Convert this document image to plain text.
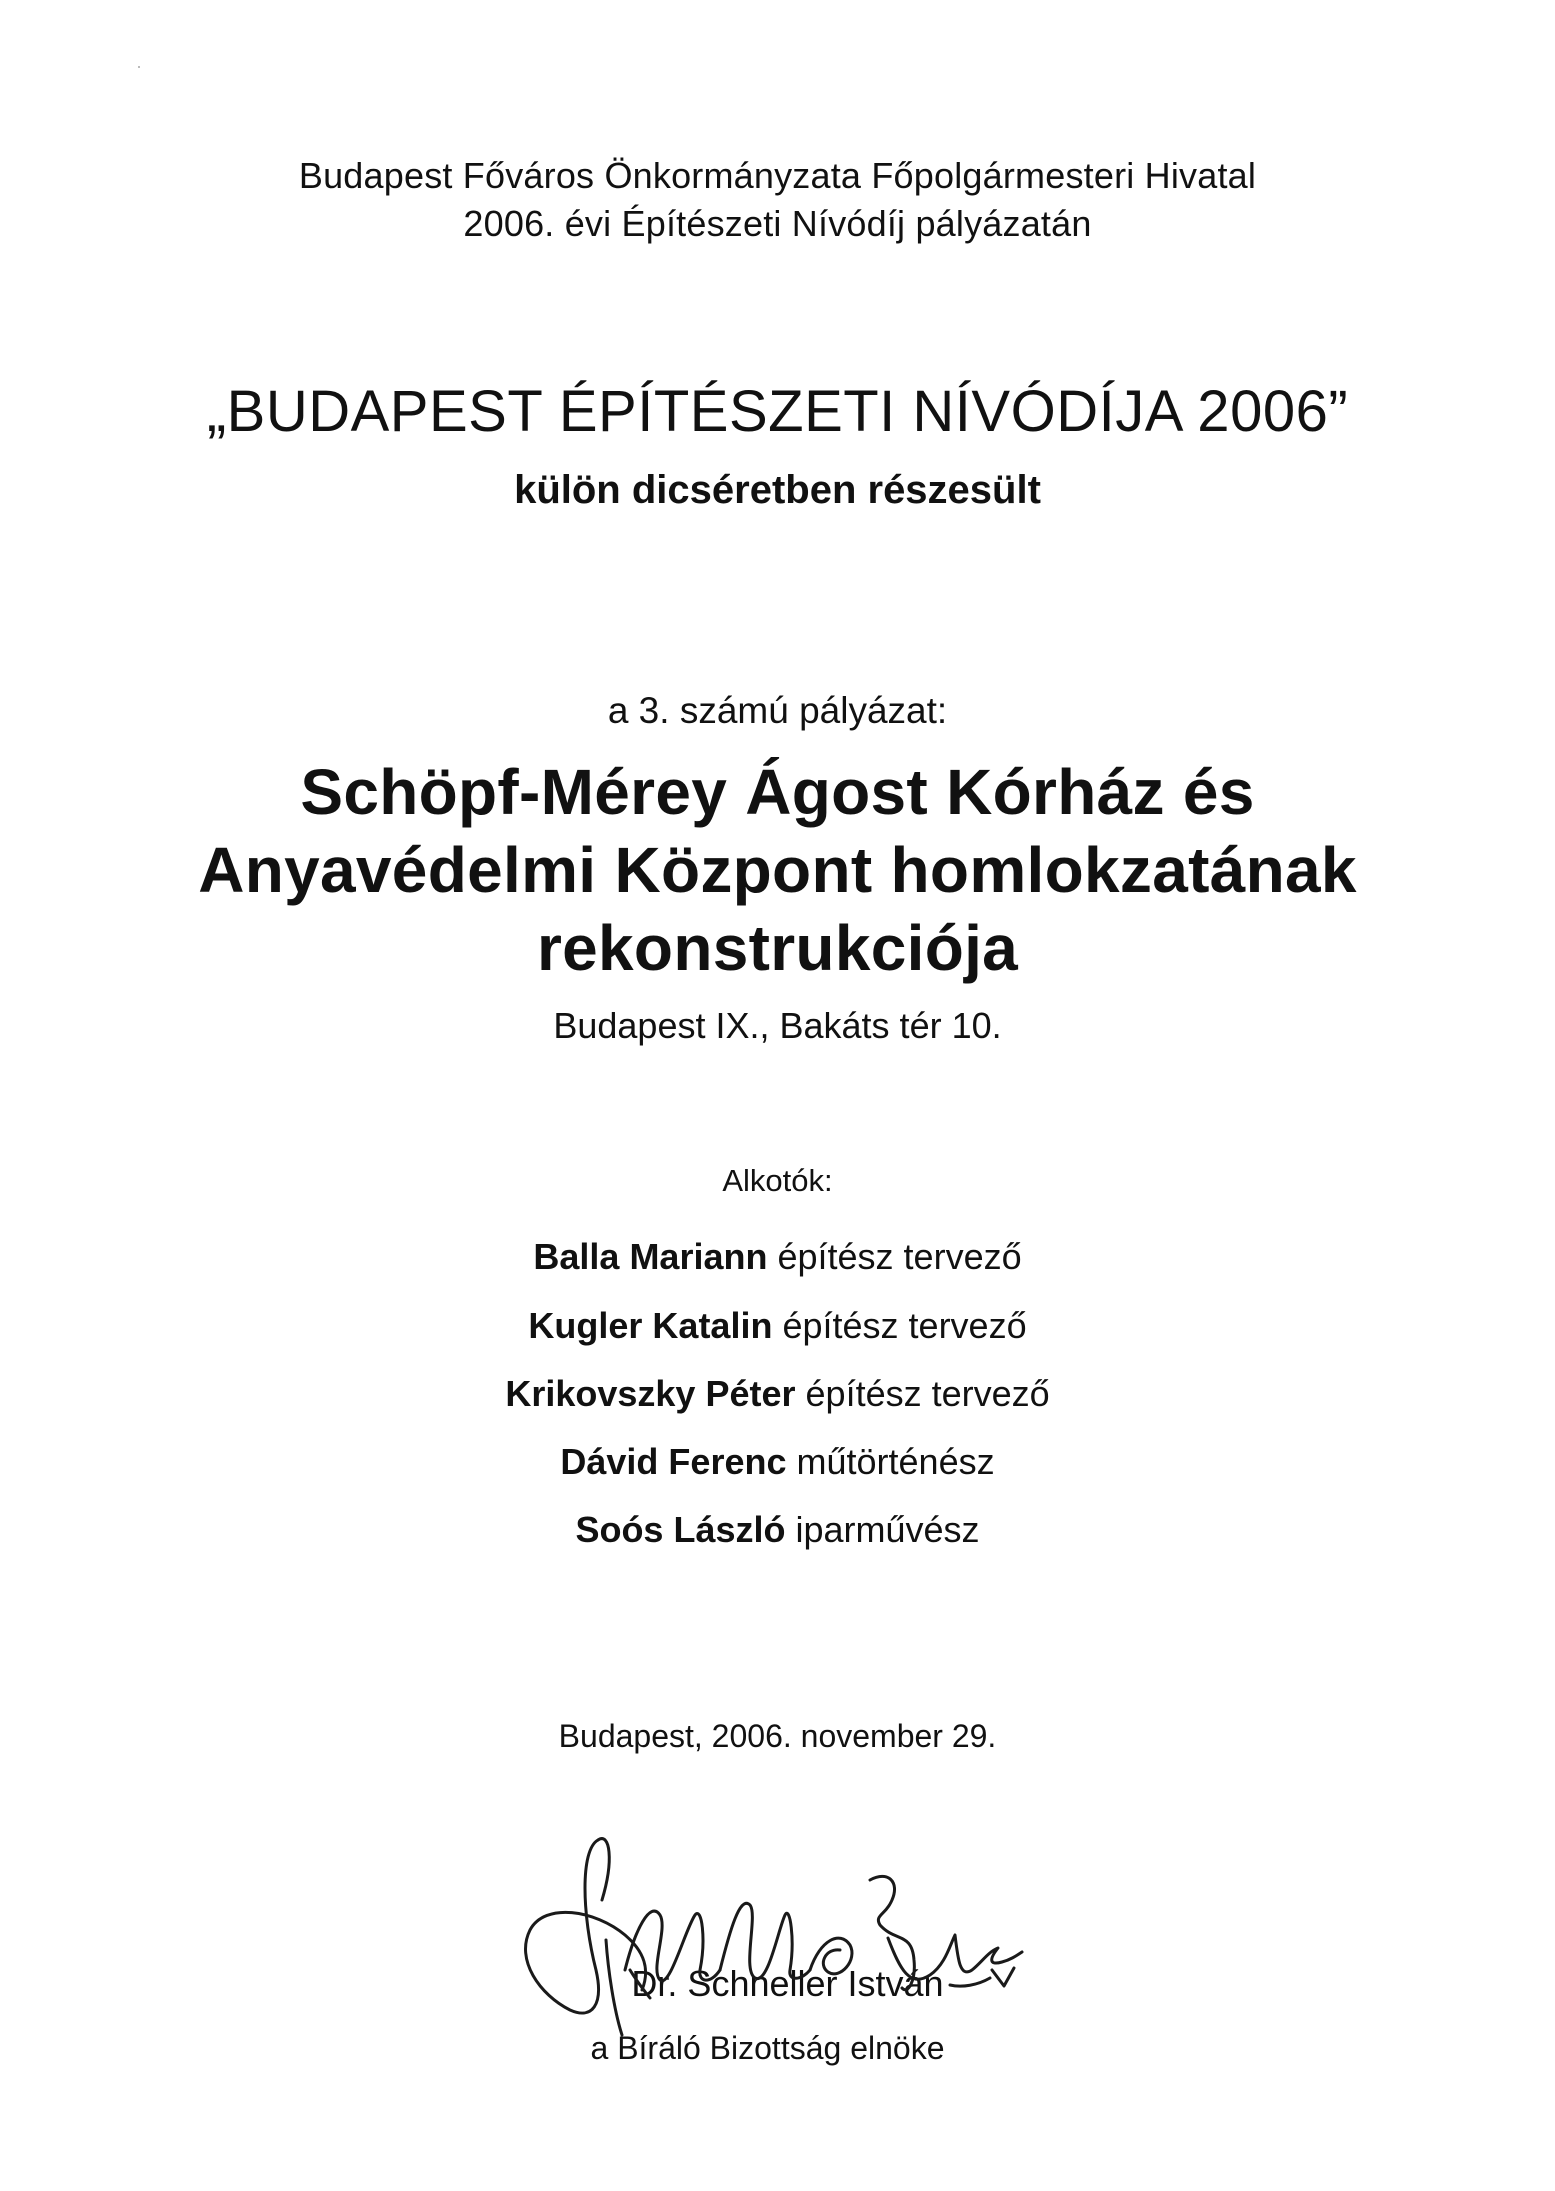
Budapest Főváros Önkormányzata Főpolgármesteri Hivatal
2006. évi Építészeti Nívódíj pályázatán
„BUDAPEST ÉPÍTÉSZETI NÍVÓDÍJA 2006”
külön dicséretben részesült
a 3. számú pályázat:
Schöpf-Mérey Ágost Kórház és
Anyavédelmi Központ homlokzatának
rekonstrukciója
Budapest IX., Bakáts tér 10.
Alkotók:
Balla Mariann építész tervező
Kugler Katalin építész tervező
Krikovszky Péter építész tervező
Dávid Ferenc műtörténész
Soós László iparművész
Budapest, 2006. november 29.
Dr. Schneller István
a Bíráló Bizottság elnöke
